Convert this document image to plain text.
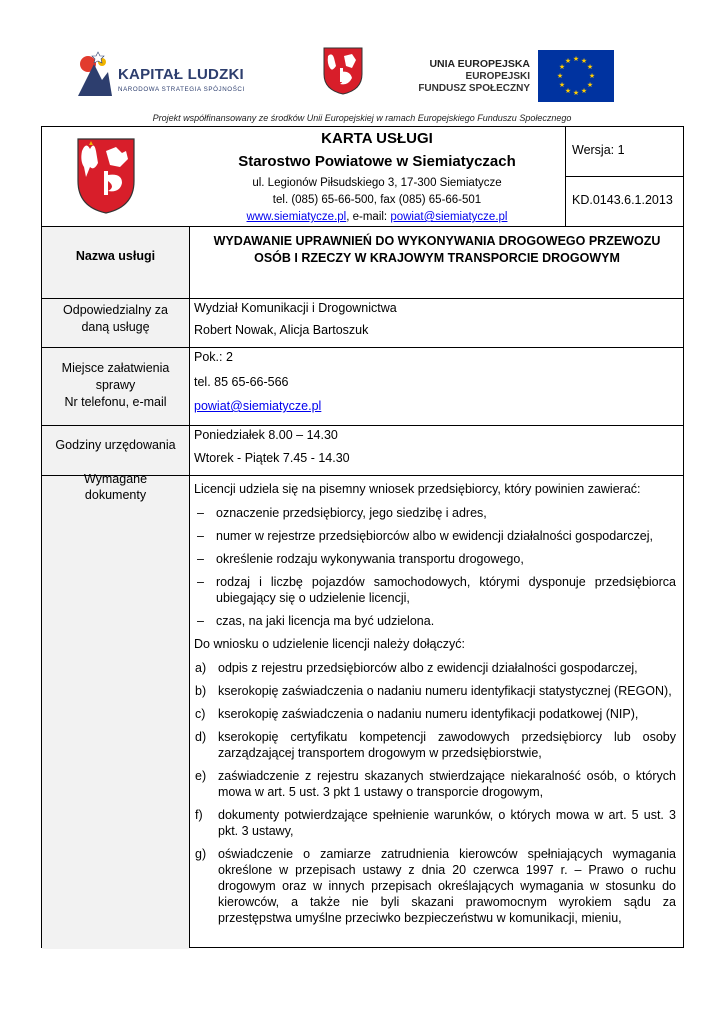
KAPITAŁ LUDZKI
NARODOWA STRATEGIA SPÓJNOŚCI
UNIA EUROPEJSKA
EUROPEJSKI
FUNDUSZ SPOŁECZNY
★ ★
★
★
★
★
★
★
★
★
★
★
Projekt współfinansowany ze środków Unii Europejskiej w ramach Europejskiego Funduszu Społecznego
KARTA USŁUGI
Starostwo Powiatowe w Siemiatyczach
ul. Legionów Piłsudskiego 3, 17-300 Siemiatycze
tel. (085) 65-66-500, fax (085) 65-66-501
www.siemiatycze.pl, e-mail: powiat@siemiatycze.pl
Wersja: 1
KD.0143.6.1.2013
Nazwa usługi
WYDAWANIE UPRAWNIEŃ DO WYKONYWANIA DROGOWEGO PRZEWOZU OSÓB I RZECZY W KRAJOWYM TRANSPORCIE DROGOWYM
Odpowiedzialny za daną usługę
Wydział Komunikacji i Drogownictwa
Robert Nowak, Alicja Bartoszuk
Miejsce załatwienia sprawy
Nr telefonu, e-mail
Pok.: 2
tel. 85 65-66-566
powiat@siemiatycze.pl
Godziny urzędowania
Poniedziałek 8.00 – 14.30
Wtorek - Piątek 7.45 - 14.30
Wymagane dokumenty	Licencji udziela się na pisemny wniosek przedsiębiorcy, który powinien zawierać:
– oznaczenie przedsiębiorcy, jego siedzibę i adres,
– numer w rejestrze przedsiębiorców albo w ewidencji działalności gospodarczej,
– określenie rodzaju wykonywania transportu drogowego,
– rodzaj i liczbę pojazdów samochodowych, którymi dysponuje przedsiębiorca ubiegający się o udzielenie licencji,
– czas, na jaki licencja ma być udzielona.
Do wniosku o udzielenie licencji należy dołączyć:
a) odpis z rejestru przedsiębiorców albo z ewidencji działalności gospodarczej,
b) kserokopię zaświadczenia o nadaniu numeru identyfikacji statystycznej (REGON),
c) kserokopię zaświadczenia o nadaniu numeru identyfikacji podatkowej (NIP),
d) kserokopię certyfikatu kompetencji zawodowych przedsiębiorcy lub osoby zarządzającej transportem drogowym w przedsiębiorstwie,
e) zaświadczenie z rejestru skazanych stwierdzające niekaralność osób, o których mowa w art. 5 ust. 3 pkt 1 ustawy o transporcie drogowym,
f) dokumenty potwierdzające spełnienie warunków, o których mowa w art. 5 ust. 3 pkt. 3 ustawy,
g) oświadczenie o zamiarze zatrudnienia kierowców spełniających wymagania określone w przepisach ustawy z dnia 20 czerwca 1997 r. – Prawo o ruchu drogowym oraz w innych przepisach określających wymagania w stosunku do kierowców, a także nie byli skazani prawomocnym wyrokiem sądu za przestępstwa umyślne przeciwko bezpieczeństwu w komunikacji, mieniu,
